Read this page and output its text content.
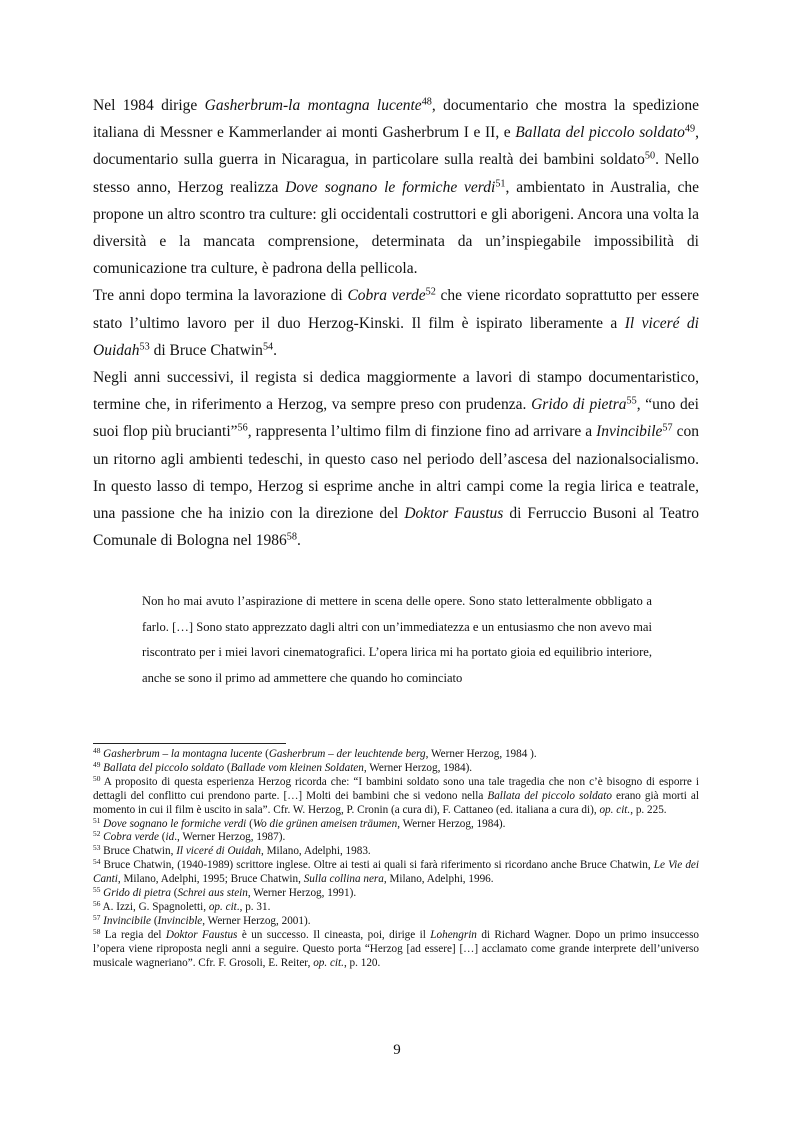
Nel 1984 dirige Gasherbrum-la montagna lucente$^{48}$, documentario che mostra la spedizione italiana di Messner e Kammerlander ai monti Gasherbrum I e II, e Ballata del piccolo soldato$^{49}$, documentario sulla guerra in Nicaragua, in particolare sulla realtà dei bambini soldato$^{50}$. Nello stesso anno, Herzog realizza Dove sognano le formiche verdi$^{51}$, ambientato in Australia, che propone un altro scontro tra culture: gli occidentali costruttori e gli aborigeni. Ancora una volta la diversità e la mancata comprensione, determinata da un’inspiegabile impossibilità di comunicazione tra culture, è padrona della pellicola.

Tre anni dopo termina la lavorazione di Cobra verde$^{52}$ che viene ricordato soprattutto per essere stato l’ultimo lavoro per il duo Herzog-Kinski. Il film è ispirato liberamente a Il viceré di Ouidah$^{53}$ di Bruce Chatwin$^{54}$.

Negli anni successivi, il regista si dedica maggiormente a lavori di stampo documentaristico, termine che, in riferimento a Herzog, va sempre preso con prudenza. Grido di pietra$^{55}$, “uno dei suoi flop più brucianti”$^{56}$, rappresenta l’ultimo film di finzione fino ad arrivare a Invincibile$^{57}$ con un ritorno agli ambienti tedeschi, in questo caso nel periodo dell’ascesa del nazionalsocialismo. In questo lasso di tempo, Herzog si esprime anche in altri campi come la regia lirica e teatrale, una passione che ha inizio con la direzione del Doktor Faustus di Ferruccio Busoni al Teatro Comunale di Bologna nel 1986$^{58}$.

Non ho mai avuto l’aspirazione di mettere in scena delle opere. Sono stato letteralmente obbligato a farlo. […] Sono stato apprezzato dagli altri con un’immediatezza e un entusiasmo che non avevo mai riscontrato per i miei lavori cinematografici. L’opera lirica mi ha portato gioia ed equilibrio interiore, anche se sono il primo ad ammettere che quando ho cominciato

$^{48}$ Gasherbrum – la montagna lucente (Gasherbrum – der leuchtende berg, Werner Herzog, 1984 ).

$^{49}$ Ballata del piccolo soldato (Ballade vom kleinen Soldaten, Werner Herzog, 1984).

$^{50}$ A proposito di questa esperienza Herzog ricorda che: “I bambini soldato sono una tale tragedia che non c’è bisogno di esporre i dettagli del conflitto cui prendono parte. […] Molti dei bambini che si vedono nella Ballata del piccolo soldato erano già morti al momento in cui il film è uscito in sala”. Cfr. W. Herzog, P. Cronin (a cura di), F. Cattaneo (ed. italiana a cura di), op. cit., p. 225.

$^{51}$ Dove sognano le formiche verdi (Wo die grünen ameisen träumen, Werner Herzog, 1984).

$^{52}$ Cobra verde (id., Werner Herzog, 1987).

$^{53}$ Bruce Chatwin, Il viceré di Ouidah, Milano, Adelphi, 1983.

$^{54}$ Bruce Chatwin, (1940-1989) scrittore inglese. Oltre ai testi ai quali si farà riferimento si ricordano anche Bruce Chatwin, Le Vie dei Canti, Milano, Adelphi, 1995; Bruce Chatwin, Sulla collina nera, Milano, Adelphi, 1996.

$^{55}$ Grido di pietra (Schrei aus stein, Werner Herzog, 1991).

$^{56}$ A. Izzi, G. Spagnoletti, op. cit., p. 31.

$^{57}$ Invincibile (Invincible, Werner Herzog, 2001).

$^{58}$ La regia del Doktor Faustus è un successo. Il cineasta, poi, dirige il Lohengrin di Richard Wagner. Dopo un primo insuccesso l’opera viene riproposta negli anni a seguire. Questo porta “Herzog [ad essere] […] acclamato come grande interprete dell’universo musicale wagneriano”. Cfr. F. Grosoli, E. Reiter, op. cit., p. 120.

9
